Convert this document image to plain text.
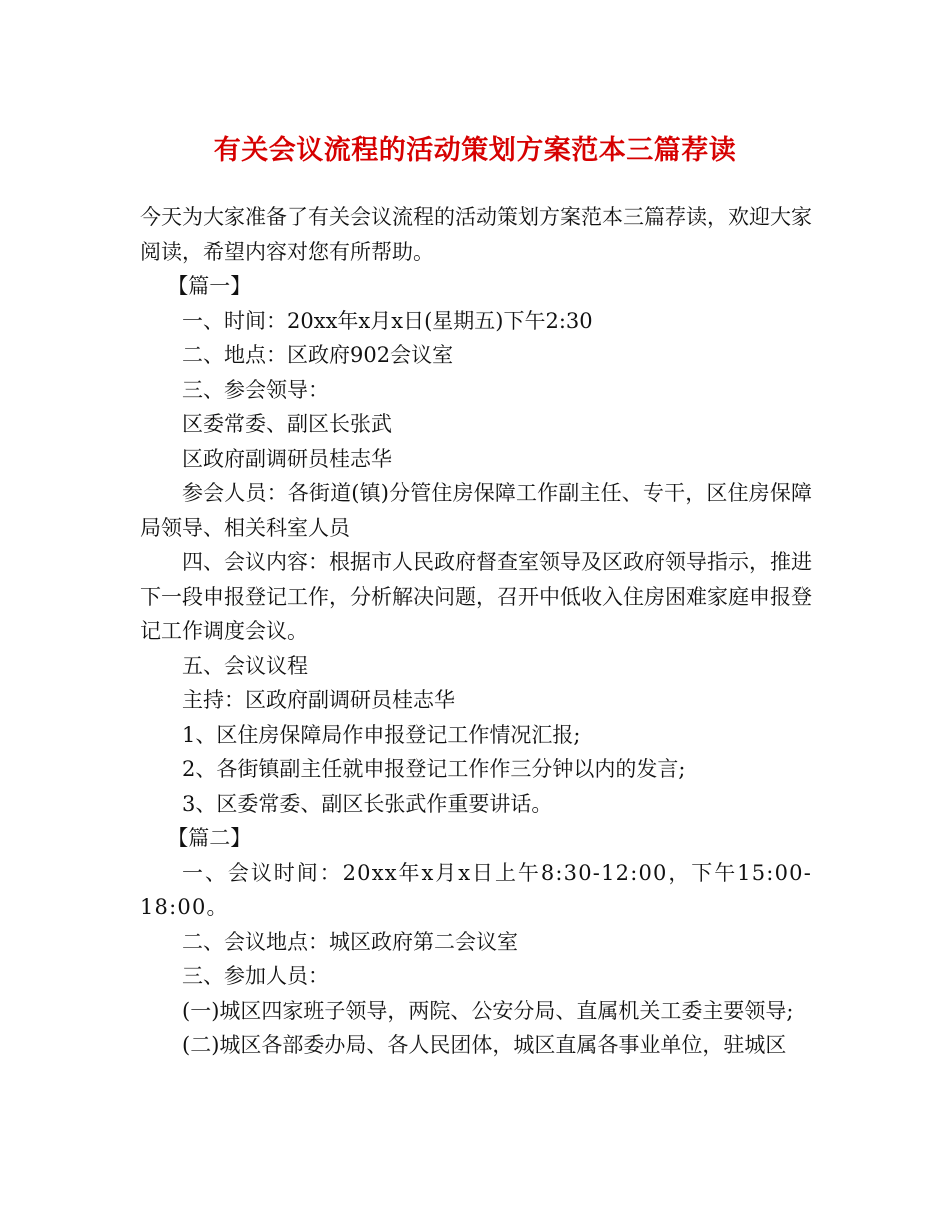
有关会议流程的活动策划方案范本三篇荐读

今天为大家准备了有关会议流程的活动策划方案范本三篇荐读，欢迎大家阅读，希望内容对您有所帮助。

【篇一】

一、时间：20xx年x月x日(星期五)下午2:30

二、地点：区政府902会议室

三、参会领导：

区委常委、副区长张武

区政府副调研员桂志华

参会人员：各街道(镇)分管住房保障工作副主任、专干，区住房保障局领导、相关科室人员

四、会议内容：根据市人民政府督查室领导及区政府领导指示，推进下一段申报登记工作，分析解决问题，召开中低收入住房困难家庭申报登记工作调度会议。

五、会议议程

主持：区政府副调研员桂志华

1、区住房保障局作申报登记工作情况汇报;

2、各街镇副主任就申报登记工作作三分钟以内的发言;

3、区委常委、副区长张武作重要讲话。

【篇二】

一、会议时间：20xx年x月x日上午8:30-12:00，下午15:00-18:00。

二、会议地点：城区政府第二会议室

三、参加人员：

(一)城区四家班子领导，两院、公安分局、直属机关工委主要领导;

(二)城区各部委办局、各人民团体，城区直属各事业单位，驻城区
